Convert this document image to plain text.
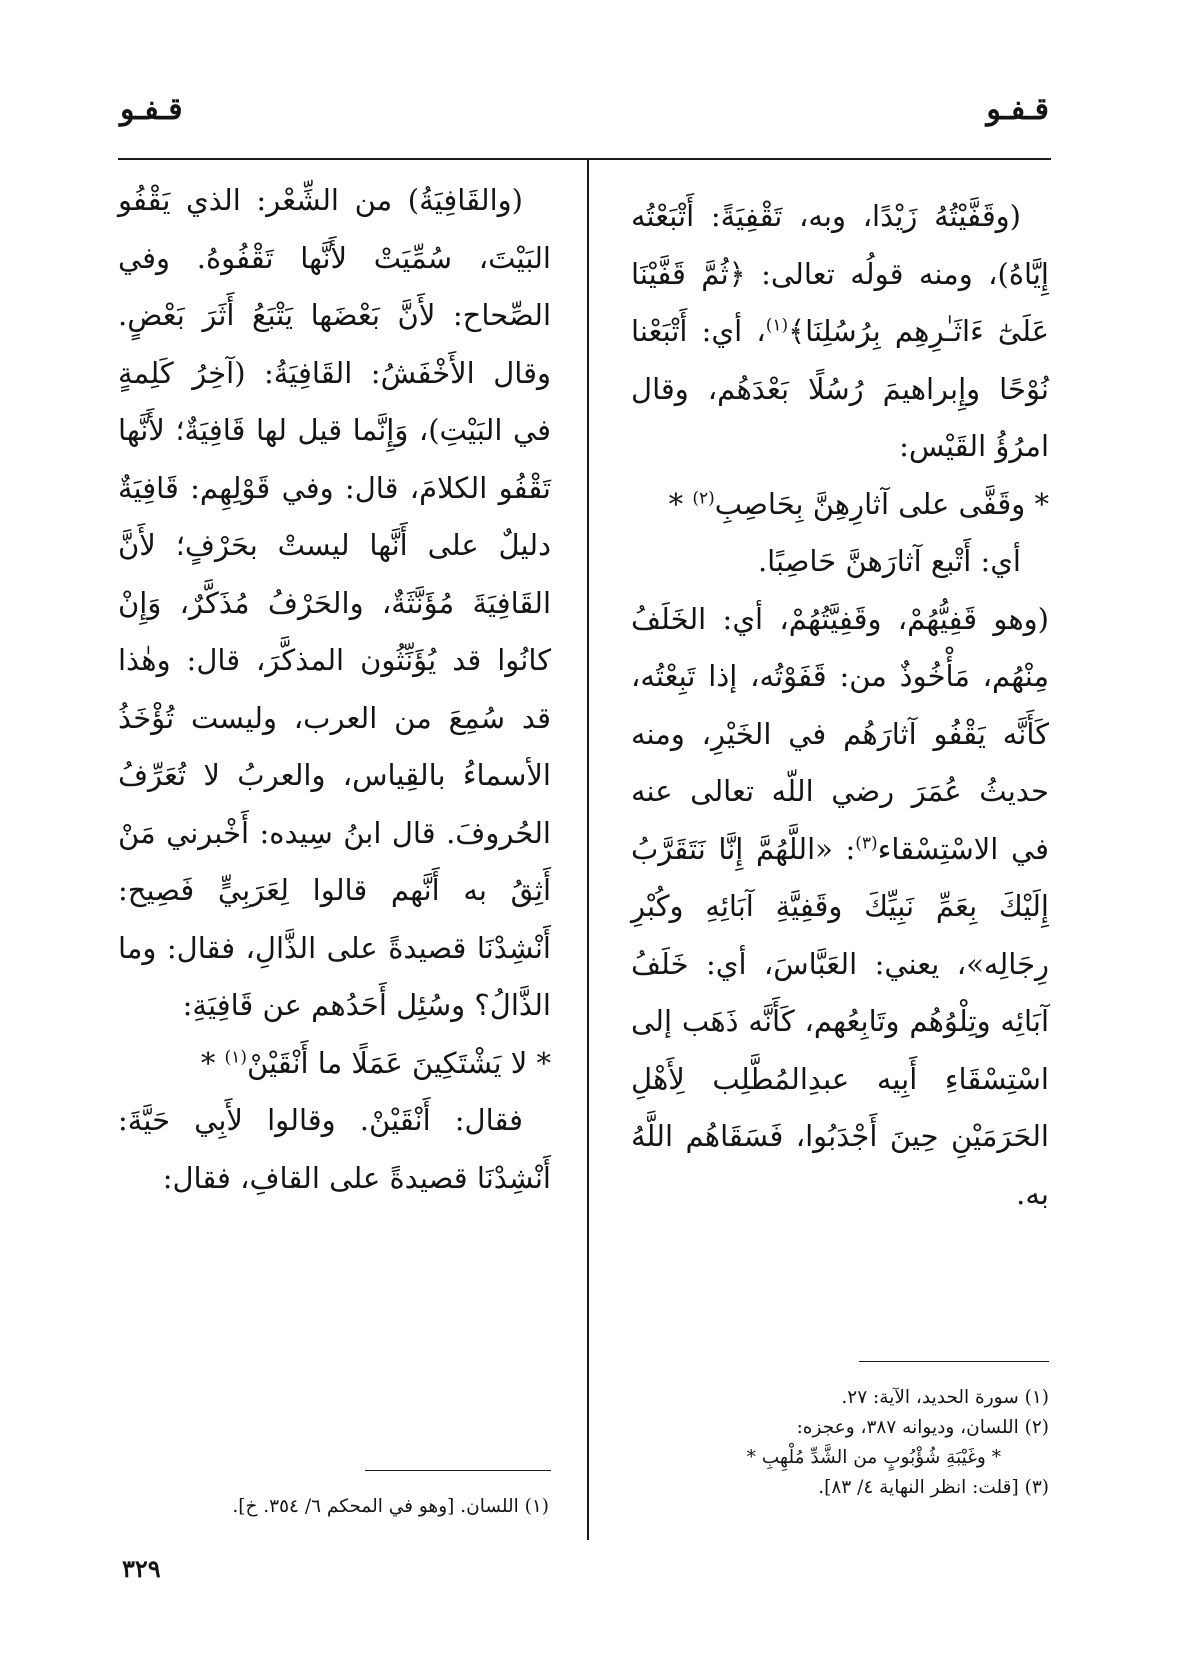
قـفـو
قـفـو

(وقَفَّيْتُهُ زَيْدًا، وبه، تَقْفِيَةً: أَتْبَعْتُه إِيَّاهُ)، ومنه قولُه تعالى: ﴿ثُمَّ قَفَّيْنَا عَلَىٰٓ ءَاثَـٰرِهِم بِرُسُلِنَا﴾$^{(١)}$، أي: أَتْبَعْنا نُوْحًا وإِبراهيمَ رُسُلًا بَعْدَهُم، وقال امرُؤُ القَيْس:

* وقَفَّى على آثارِهِنَّ بِحَاصِبِ$^{(٢)}$ *

أي: أَتْبع آثارَهنَّ حَاصِبًا.

(وهو قَفِيُّهُمْ، وقَفِيَّتُهُمْ، أي: الخَلَفُ مِنْهُم، مَأْخُوذٌ من: قَفَوْتُه، إذا تَبِعْتُه، كَأَنَّه يَقْفُو آثارَهُم في الخَيْرِ، ومنه حديثُ عُمَرَ رضي اللّه تعالى عنه في الاسْتِسْقاء$^{(٣)}$: «اللَّهُمَّ إِنَّا نَتَقَرَّبُ إِلَيْكَ بِعَمِّ نَبِيِّكَ وقَفِيَّةِ آبَائِهِ وكُبْرِ رِجَالِه»، يعني: العَبَّاسَ، أي: خَلَفُ آبَائِه وتِلْوُهُم وتَابِعُهم، كَأَنَّه ذَهَب إلى اسْتِسْقَاءِ أَبِيه عبدِالمُطَّلِب لِأَهْلِ الحَرَمَيْنِ حِينَ أَجْدَبُوا، فَسَقَاهُم اللَّهُ به.

(والقَافِيَةُ) من الشِّعْر: الذي يَقْفُو البَيْتَ، سُمِّيَتْ لأَنَّها تَقْفُوهُ. وفي الصِّحاح: لأَنَّ بَعْضَها يَتْبَعُ أَثَرَ بَعْضٍ. وقال الأَخْفَشُ: القَافِيَةُ: (آخِرُ كَلِمةٍ في البَيْتِ)، وَإِنَّما قيل لها قَافِيَةٌ؛ لأَنَّها تَقْفُو الكلامَ، قال: وفي قَوْلِهِم: قَافِيَةٌ دليلٌ على أَنَّها ليستْ بحَرْفٍ؛ لأَنَّ القَافِيَةَ مُؤَنَّثَةٌ، والحَرْفُ مُذَكَّرٌ، وَإِنْ كانُوا قد يُؤَنِّثُون المذكَّرَ، قال: وهٰذا قد سُمِعَ من العرب، وليست تُؤْخَذُ الأسماءُ بالقِياس، والعربُ لا تُعَرِّفُ الحُروفَ. قال ابنُ سِيده: أَخْبرني مَنْ أَثِقُ به أَنَّهم قالوا لِعَرَبِيٍّ فَصِيح: أَنْشِدْنَا قصيدةً على الذَّالِ، فقال: وما الذَّالُ؟ وسُئِل أَحَدُهم عن قَافِيَةِ:

* لا يَشْتَكِينَ عَمَلًا ما أَنْقَيْنْ$^{(١)}$ *

فقال: أَنْقَيْنْ. وقالوا لأَبِي حَيَّةَ: أَنْشِدْنَا قصيدةً على القافِ، فقال:

(١) سورة الحديد، الآية: ٢٧.

(٢) اللسان، وديوانه ٣٨٧، وعجزه:

* وغَيْبَةِ شُؤْبُوبٍ من الشَّدِّ مُلْهِبِ *

(٣) [قلت: انظر النهاية ٤/ ٨٣].

(١) اللسان. [وهو في المحكم ٦/ ٣٥٤. خ].

٣٢٩
